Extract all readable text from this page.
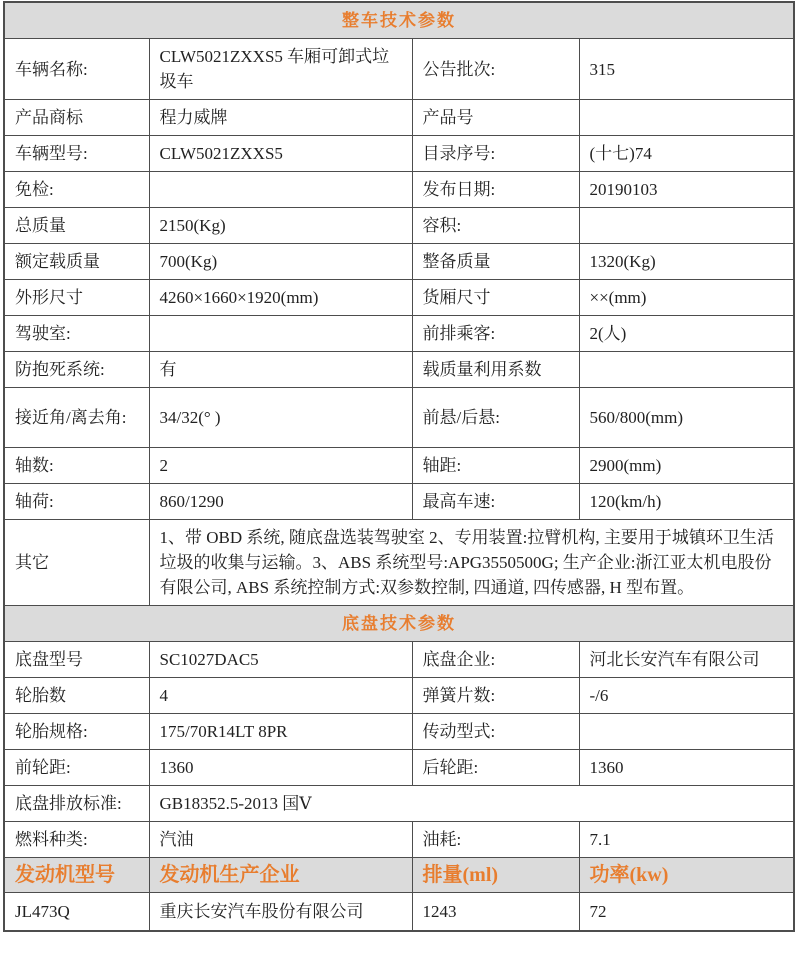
整车技术参数			
车辆名称:	CLW5021ZXXS5 车厢可卸式垃圾车	公告批次:	315
产品商标	程力威牌	产品号	
车辆型号:	CLW5021ZXXS5	目录序号:	(十七)74
免检:		发布日期:	20190103
总质量	2150(Kg)	容积:	
额定载质量	700(Kg)	整备质量	1320(Kg)
外形尺寸	4260×1660×1920(mm)	货厢尺寸	××(mm)
驾驶室:		前排乘客:	2(人)
防抱死系统:	有	载质量利用系数	
接近角/离去角:	34/32(° )	前悬/后悬:	560/800(mm)
轴数:	2	轴距:	2900(mm)
轴荷:	860/1290	最高车速:	120(km/h)
其它	1、带 OBD 系统, 随底盘选装驾驶室 2、专用装置:拉臂机构, 主要用于城镇环卫生活垃圾的收集与运输。3、ABS 系统型号:APG3550500G; 生产企业:浙江亚太机电股份有限公司, ABS 系统控制方式:双参数控制, 四通道, 四传感器, H 型布置。		
底盘技术参数			
底盘型号	SC1027DAC5	底盘企业:	河北长安汽车有限公司
轮胎数	4	弹簧片数:	-/6
轮胎规格:	175/70R14LT 8PR	传动型式:	
前轮距:	1360	后轮距:	1360
底盘排放标准:	GB18352.5-2013 国Ⅴ		
燃料种类:	汽油	油耗:	7.1
发动机型号	发动机生产企业	排量(ml)	功率(kw)
JL473Q	重庆长安汽车股份有限公司	1243	72
